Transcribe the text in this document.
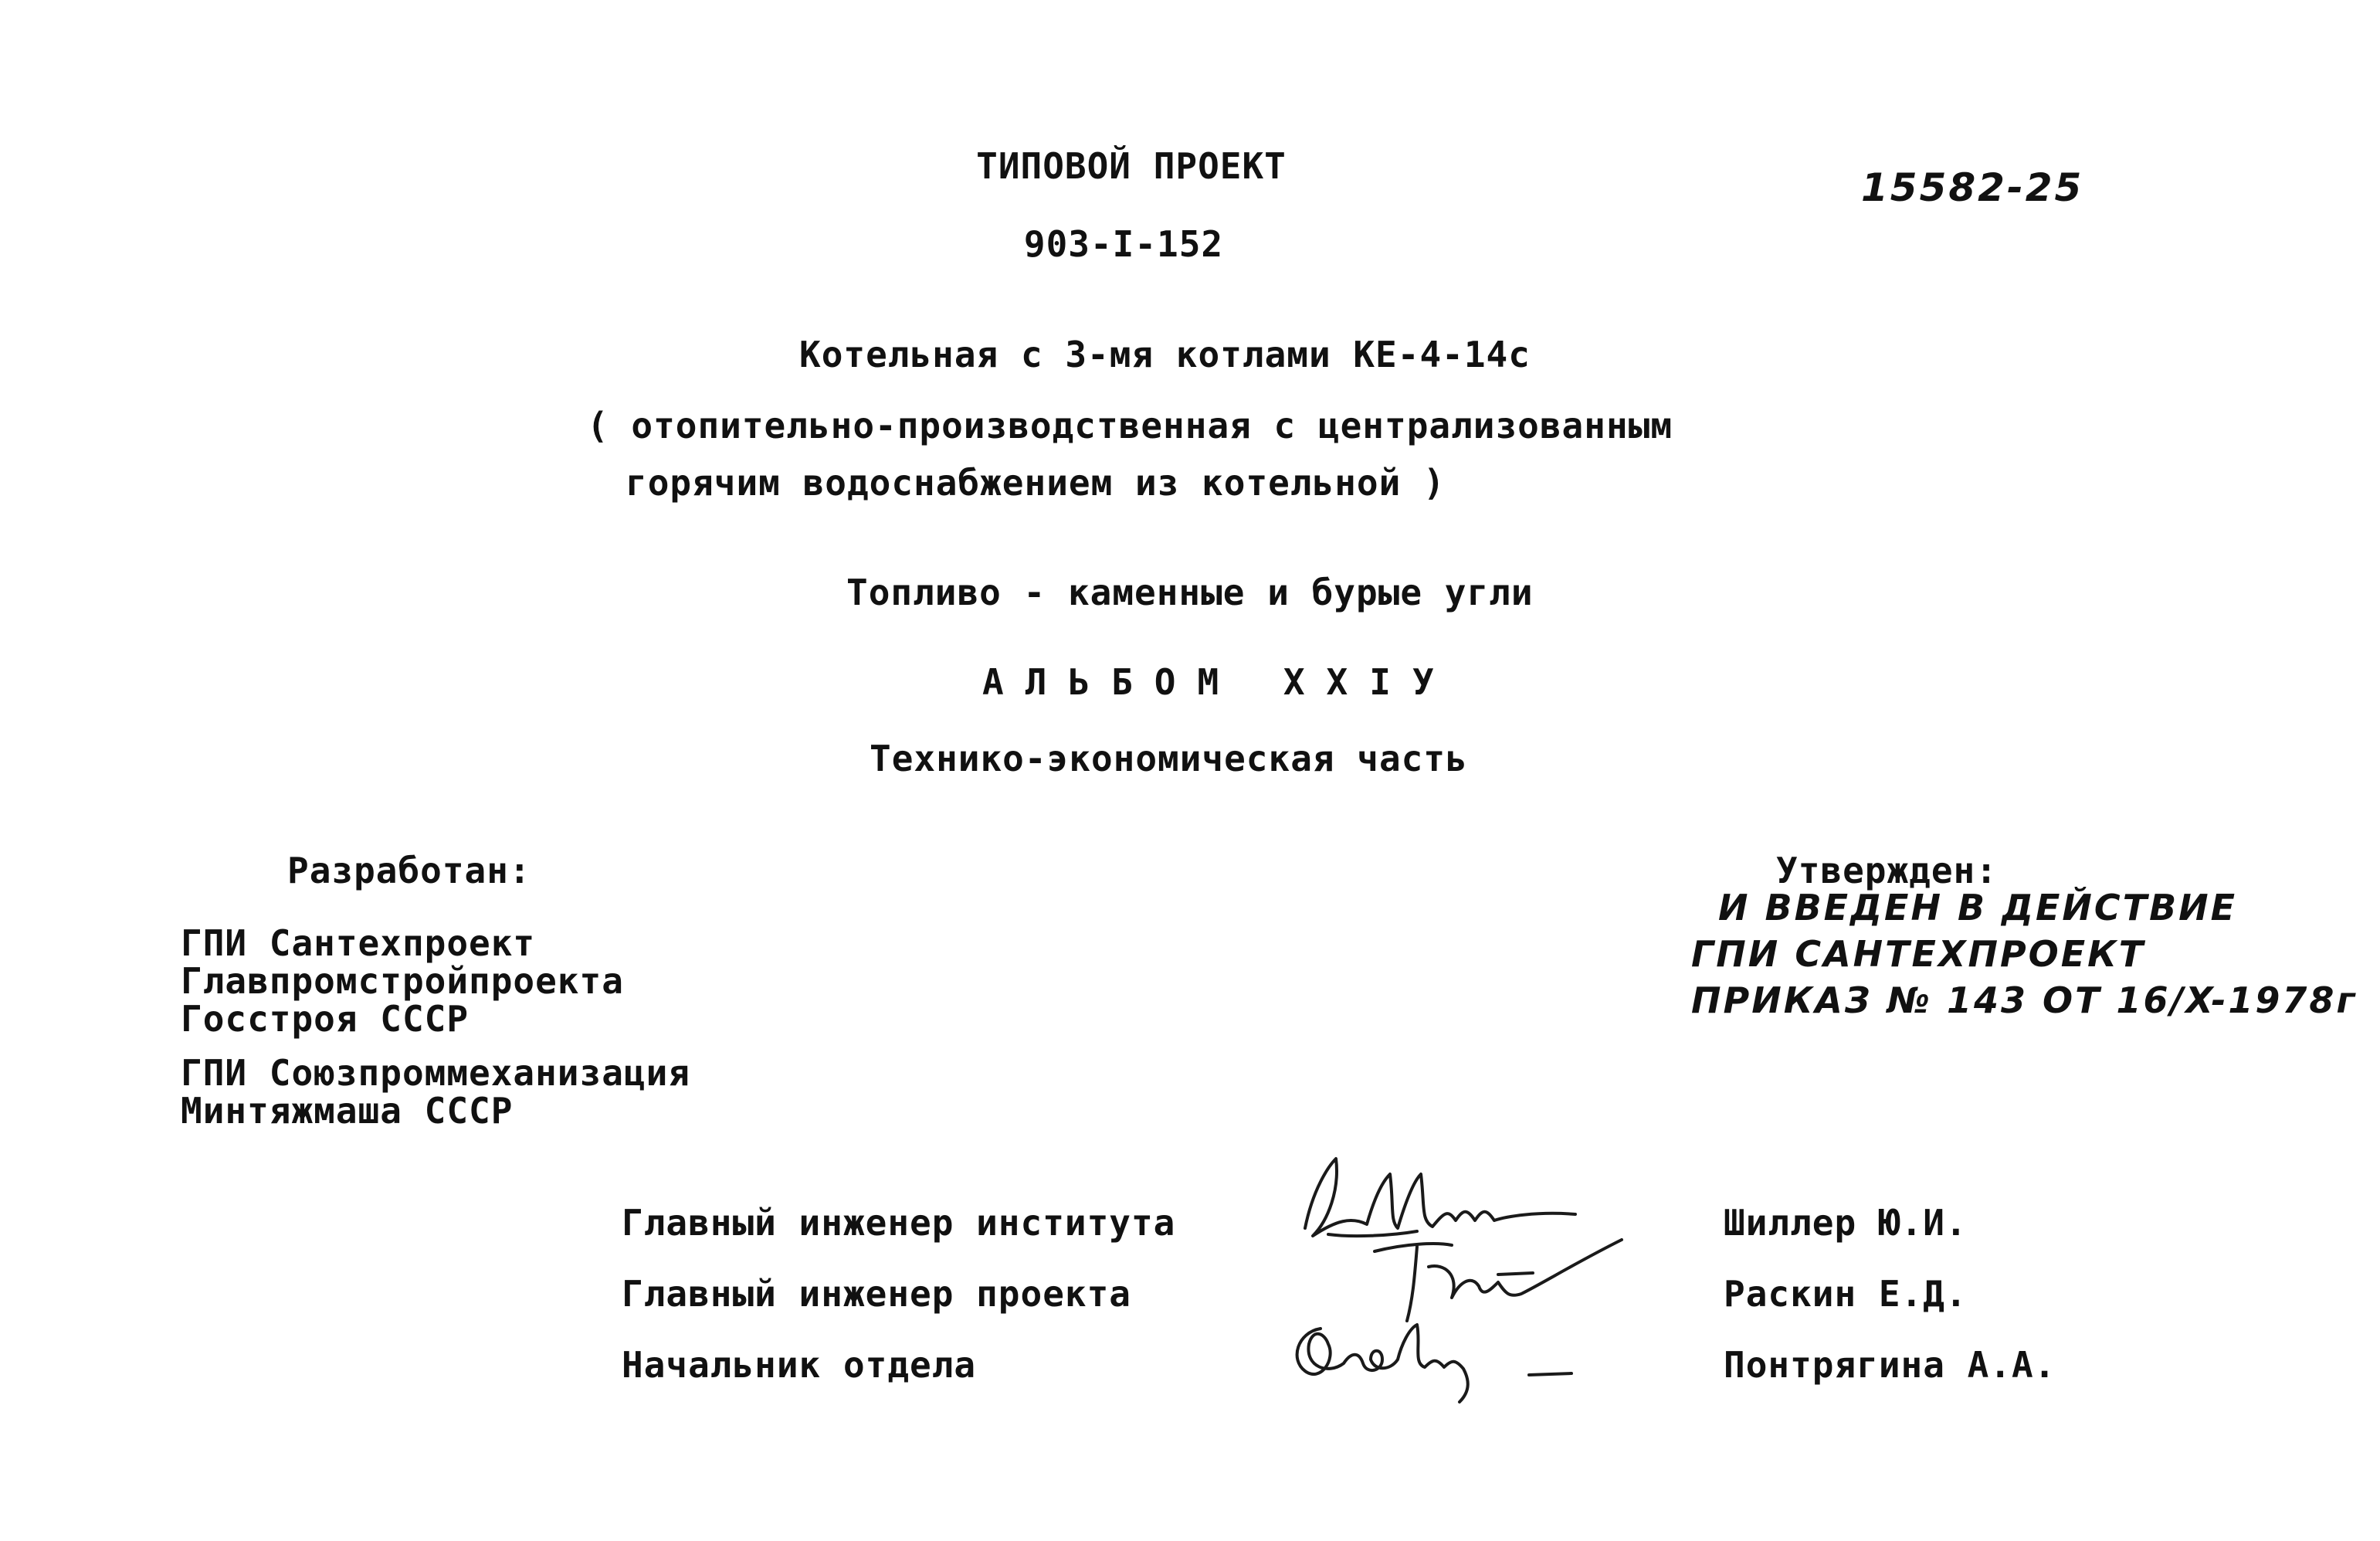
ТИПОВОЙ ПРОЕКТ
903-I-152
15582-25
Котельная с 3-мя котлами КЕ-4-14с
( отопительно-производственная с централизованным
горячим водоснабжением из котельной )
Топливо - каменные и бурые угли
АЛЬБОМ XXIУ
Технико-экономическая часть
Разработан:
ГПИ Сантехпроект
Главпромстройпроекта
Госстроя СССР
ГПИ Союзпроммеханизация
Минтяжмаша СССР
Утвержден:
И ВВЕДЕН В ДЕЙСТВИЕ
ГПИ САНТЕХПРОЕКТ
ПРИКАЗ № 143 ОТ 16/X-1978г
Главный инженер института	Шиллер Ю.И.
Главный инженер проекта	Раскин Е.Д.
Начальник отдела	Понтрягина А.А.
